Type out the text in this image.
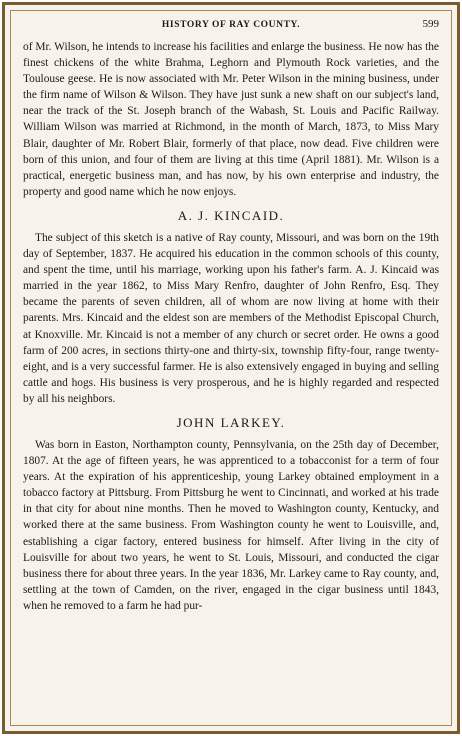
HISTORY OF RAY COUNTY.	599

of Mr. Wilson, he intends to increase his facilities and enlarge the business. He now has the finest chickens of the white Brahma, Leghorn and Plymouth Rock varieties, and the Toulouse geese. He is now associated with Mr. Peter Wilson in the mining business, under the firm name of Wilson & Wilson. They have just sunk a new shaft on our subject's land, near the track of the St. Joseph branch of the Wabash, St. Louis and Pacific Railway. William Wilson was married at Richmond, in the month of March, 1873, to Miss Mary Blair, daughter of Mr. Robert Blair, formerly of that place, now dead. Five children were born of this union, and four of them are living at this time (April 1881). Mr. Wilson is a practical, energetic business man, and has now, by his own enterprise and industry, the property and good name which he now enjoys.

A. J. KINCAID.

The subject of this sketch is a native of Ray county, Missouri, and was born on the 19th day of September, 1837. He acquired his education in the common schools of this county, and spent the time, until his marriage, working upon his father's farm. A. J. Kincaid was married in the year 1862, to Miss Mary Renfro, daughter of John Renfro, Esq. They became the parents of seven children, all of whom are now living at home with their parents. Mrs. Kincaid and the eldest son are members of the Methodist Episcopal Church, at Knoxville. Mr. Kincaid is not a member of any church or secret order. He owns a good farm of 200 acres, in sections thirty-one and thirty-six, township fifty-four, range twenty-eight, and is a very successful farmer. He is also extensively engaged in buying and selling cattle and hogs. His business is very prosperous, and he is highly regarded and respected by all his neighbors.

JOHN LARKEY.

Was born in Easton, Northampton county, Pennsylvania, on the 25th day of December, 1807. At the age of fifteen years, he was apprenticed to a tobacconist for a term of four years. At the expiration of his apprenticeship, young Larkey obtained employment in a tobacco factory at Pittsburg. From Pittsburg he went to Cincinnati, and worked at his trade in that city for about nine months. Then he moved to Washington county, Kentucky, and worked there at the same business. From Washington county he went to Louisville, and, establishing a cigar factory, entered business for himself. After living in the city of Louisville for about two years, he went to St. Louis, Missouri, and conducted the cigar business there for about three years. In the year 1836, Mr. Larkey came to Ray county, and, settling at the town of Camden, on the river, engaged in the cigar business until 1843, when he removed to a farm he had pur-
